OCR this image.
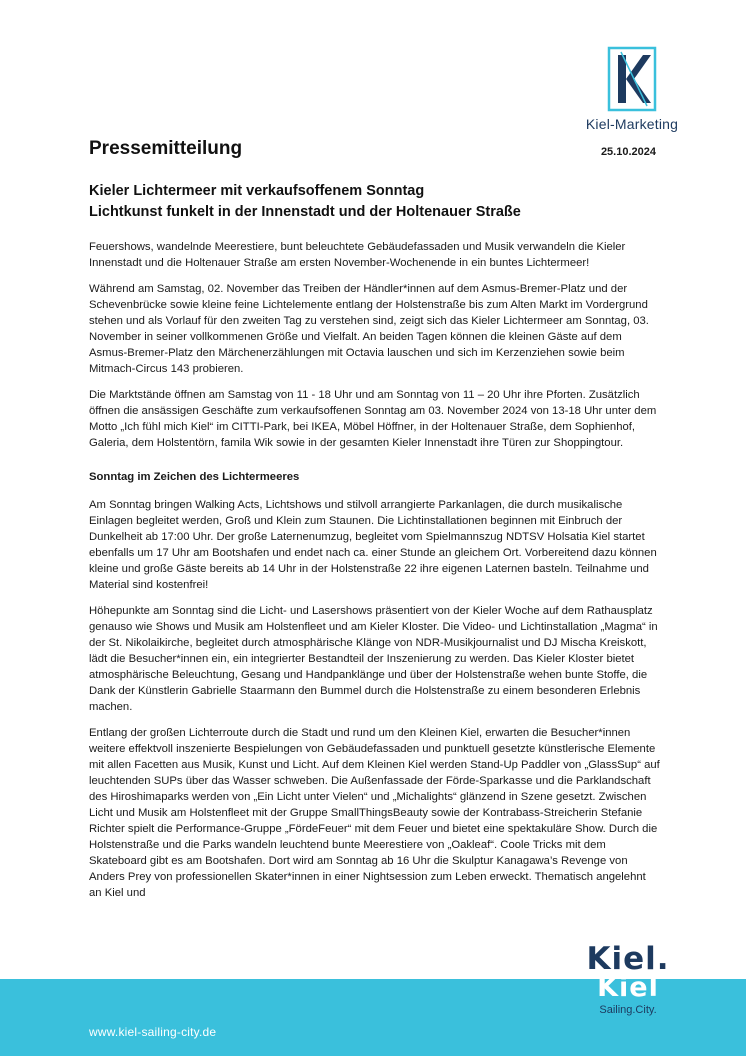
Kiel-Marketing
Pressemitteilung	25.10.2024
Kieler Lichtermeer mit verkaufsoffenem Sonntag
Lichtkunst funkelt in der Innenstadt und der Holtenauer Straße

Feuershows, wandelnde Meerestiere, bunt beleuchtete Gebäudefassaden und Musik verwandeln die Kieler Innenstadt und die Holtenauer Straße am ersten November-Wochenende in ein buntes Lichtermeer!

Während am Samstag, 02. November das Treiben der Händler*innen auf dem Asmus-Bremer-Platz und der Schevenbrücke sowie kleine feine Lichtelemente entlang der Holstenstraße bis zum Alten Markt im Vordergrund stehen und als Vorlauf für den zweiten Tag zu verstehen sind, zeigt sich das Kieler Lichtermeer am Sonntag, 03. November in seiner vollkommenen Größe und Vielfalt. An beiden Tagen können die kleinen Gäste auf dem Asmus-Bremer-Platz den Märchenerzählungen mit Octavia lauschen und sich im Kerzenziehen sowie beim Mitmach-Circus 143 probieren.

Die Marktstände öffnen am Samstag von 11 - 18 Uhr und am Sonntag von 11 – 20 Uhr ihre Pforten. Zusätzlich öffnen die ansässigen Geschäfte zum verkaufsoffenen Sonntag am 03. November 2024 von 13-18 Uhr unter dem Motto „Ich fühl mich Kiel“ im CITTI-Park, bei IKEA, Möbel Höffner, in der Holtenauer Straße, dem Sophienhof, Galeria, dem Holstentörn, famila Wik sowie in der gesamten Kieler Innenstadt ihre Türen zur Shoppingtour.

Sonntag im Zeichen des Lichtermeeres

Am Sonntag bringen Walking Acts, Lichtshows und stilvoll arrangierte Parkanlagen, die durch musikalische Einlagen begleitet werden, Groß und Klein zum Staunen. Die Lichtinstallationen beginnen mit Einbruch der Dunkelheit ab 17:00 Uhr. Der große Laternenumzug, begleitet vom Spielmannszug NDTSV Holsatia Kiel startet ebenfalls um 17 Uhr am Bootshafen und endet nach ca. einer Stunde an gleichem Ort. Vorbereitend dazu können kleine und große Gäste bereits ab 14 Uhr in der Holstenstraße 22 ihre eigenen Laternen basteln. Teilnahme und Material sind kostenfrei!

Höhepunkte am Sonntag sind die Licht- und Lasershows präsentiert von der Kieler Woche auf dem Rathausplatz genauso wie Shows und Musik am Holstenfleet und am Kieler Kloster. Die Video- und Lichtinstallation „Magma“ in der St. Nikolaikirche, begleitet durch atmosphärische Klänge von NDR-Musikjournalist und DJ Mischa Kreiskott, lädt die Besucher*innen ein, ein integrierter Bestandteil der Inszenierung zu werden. Das Kieler Kloster bietet atmosphärische Beleuchtung, Gesang und Handpanklänge und über der Holstenstraße wehen bunte Stoffe, die Dank der Künstlerin Gabrielle Staarmann den Bummel durch die Holstenstraße zu einem besonderen Erlebnis machen.

Entlang der großen Lichterroute durch die Stadt und rund um den Kleinen Kiel, erwarten die Besucher*innen weitere effektvoll inszenierte Bespielungen von Gebäudefassaden und punktuell gesetzte künstlerische Elemente mit allen Facetten aus Musik, Kunst und Licht. Auf dem Kleinen Kiel werden Stand-Up Paddler von „GlassSup“ auf leuchtenden SUPs über das Wasser schweben. Die Außenfassade der Förde-Sparkasse und die Parklandschaft des Hiroshimaparks werden von „Ein Licht unter Vielen“ und „Michalights“ glänzend in Szene gesetzt. Zwischen Licht und Musik am Holstenfleet mit der Gruppe SmallThingsBeauty sowie der Kontrabass-Streicherin Stefanie Richter spielt die Performance-Gruppe „FördeFeuer“ mit dem Feuer und bietet eine spektakuläre Show. Durch die Holstenstraße und die Parks wandeln leuchtend bunte Meerestiere von „Oakleaf“. Coole Tricks mit dem Skateboard gibt es am Bootshafen. Dort wird am Sonntag ab 16 Uhr die Skulptur Kanagawa’s Revenge von Anders Prey von professionellen Skater*innen in einer Nightsession zum Leben erweckt. Thematisch angelehnt an Kiel und

www.kiel-sailing-city.de
Kiel.
Kiel
Sailing.City.
